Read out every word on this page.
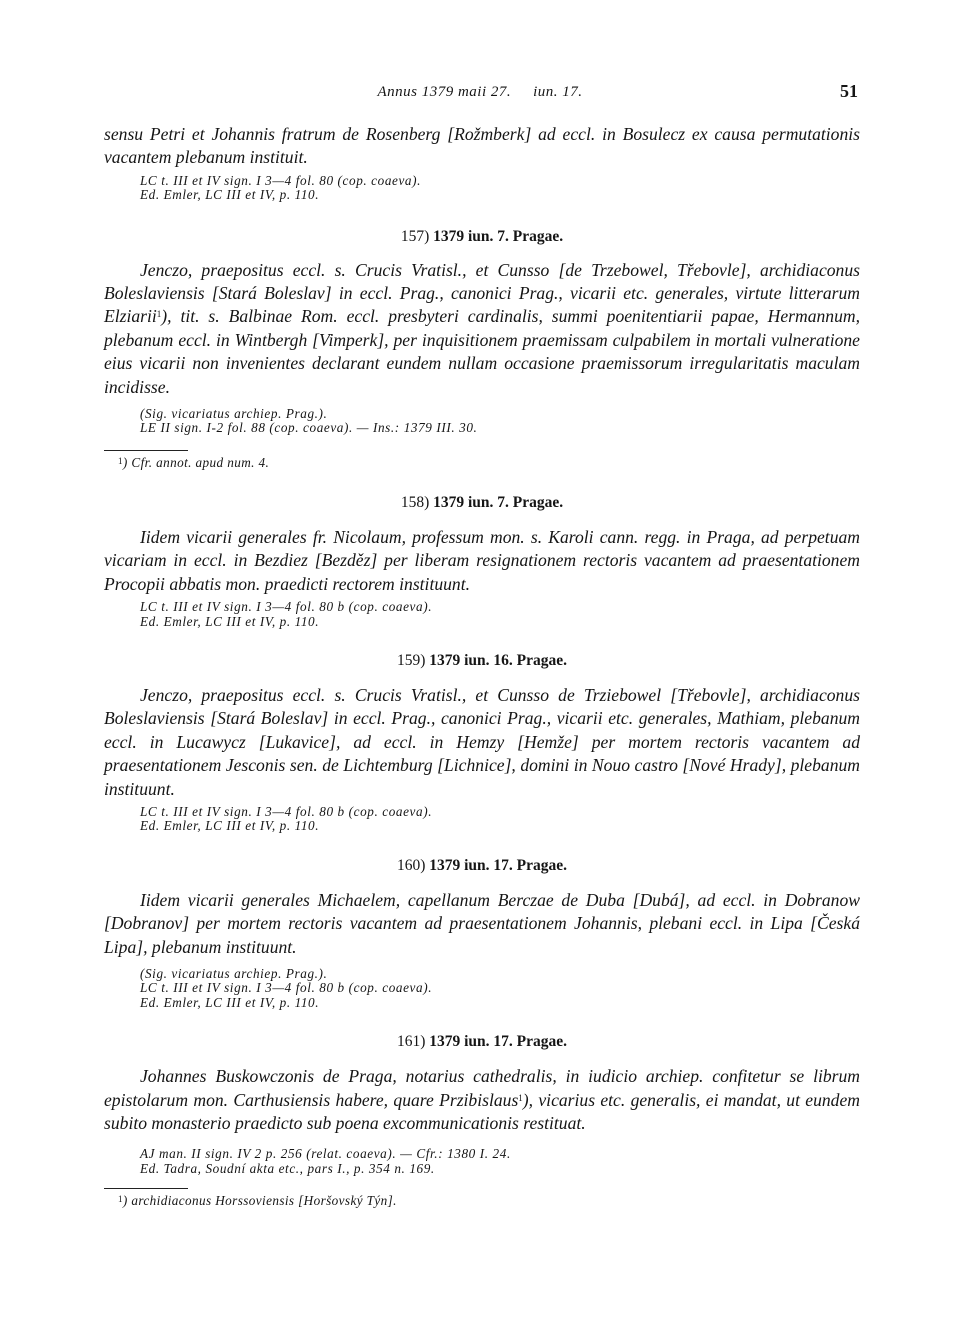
Annus 1379 maii 27. iun. 17.	51

sensu Petri et Johannis fratrum de Rosenberg [Rožmberk] ad eccl. in Bosulecz ex causa permutationis vacantem plebanum instituit.

LC t. III et IV sign. I 3—4 fol. 80 (cop. coaeva).
Ed. Emler, LC III et IV, p. 110.
157) 1379 iun. 7. Pragae.

Jenczo, praepositus eccl. s. Crucis Vratisl., et Cunsso [de Trzebowel, Třebovle], archidiaconus Boleslaviensis [Stará Boleslav] in eccl. Prag., canonici Prag., vicarii etc. generales, virtute litterarum Elziarii$^1$), tit. s. Balbinae Rom. eccl. presbyteri cardinalis, summi poenitentiarii papae, Hermannum, plebanum eccl. in Wintbergh [Vimperk], per inquisitionem praemissam culpabilem in mortali vulneratione eius vicarii non invenientes declarant eundem nullam occasione praemissorum irregularitatis maculam incidisse.

(Sig. vicariatus archiep. Prag.).
LE II sign. I-2 fol. 88 (cop. coaeva). — Ins.: 1379 III. 30.
$^1$) Cfr. annot. apud num. 4.
158) 1379 iun. 7. Pragae.

Iidem vicarii generales fr. Nicolaum, professum mon. s. Karoli cann. regg. in Praga, ad perpetuam vicariam in eccl. in Bezdiez [Bezděz] per liberam resignationem rectoris vacantem ad praesentationem Procopii abbatis mon. praedicti rectorem instituunt.

LC t. III et IV sign. I 3—4 fol. 80 b (cop. coaeva).
Ed. Emler, LC III et IV, p. 110.
159) 1379 iun. 16. Pragae.

Jenczo, praepositus eccl. s. Crucis Vratisl., et Cunsso de Trziebowel [Třebovle], archidiaconus Boleslaviensis [Stará Boleslav] in eccl. Prag., canonici Prag., vicarii etc. generales, Mathiam, plebanum eccl. in Lucawycz [Lukavice], ad eccl. in Hemzy [Hemže] per mortem rectoris vacantem ad praesentationem Jesconis sen. de Lichtemburg [Lichnice], domini in Nouo castro [Nové Hrady], plebanum instituunt.

LC t. III et IV sign. I 3—4 fol. 80 b (cop. coaeva).
Ed. Emler, LC III et IV, p. 110.
160) 1379 iun. 17. Pragae.

Iidem vicarii generales Michaelem, capellanum Berczae de Duba [Dubá], ad eccl. in Dobranow [Dobranov] per mortem rectoris vacantem ad praesentationem Johannis, plebani eccl. in Lipa [Česká Lipa], plebanum instituunt.

(Sig. vicariatus archiep. Prag.).
LC t. III et IV sign. I 3—4 fol. 80 b (cop. coaeva).
Ed. Emler, LC III et IV, p. 110.
161) 1379 iun. 17. Pragae.

Johannes Buskowczonis de Praga, notarius cathedralis, in iudicio archiep. confitetur se librum epistolarum mon. Carthusiensis habere, quare Przibislaus$^1$), vicarius etc. generalis, ei mandat, ut eundem subito monasterio praedicto sub poena excommunicationis restituat.

AJ man. II sign. IV 2 p. 256 (relat. coaeva). — Cfr.: 1380 I. 24.
Ed. Tadra, Soudní akta etc., pars I., p. 354 n. 169.
$^1$) archidiaconus Horssoviensis [Horšovský Týn].
